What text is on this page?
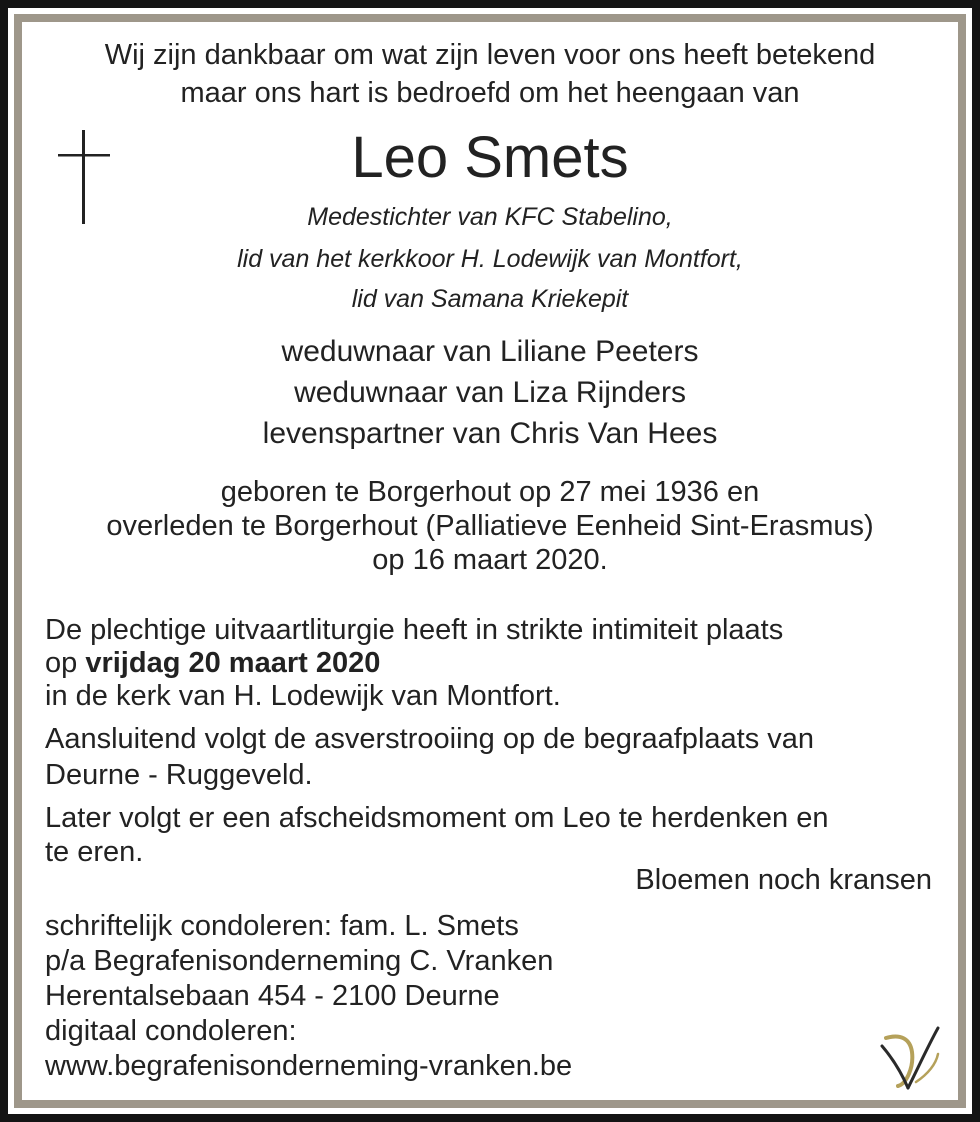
Wij zijn dankbaar om wat zijn leven voor ons heeft betekend

maar ons hart is bedroefd om het heengaan van

Leo Smets

Medestichter van KFC Stabelino,

lid van het kerkkoor H. Lodewijk van Montfort,

lid van Samana Kriekepit

weduwnaar van Liliane Peeters

weduwnaar van Liza Rijnders

levenspartner van Chris Van Hees

geboren te Borgerhout op 27 mei 1936 en

overleden te Borgerhout (Palliatieve Eenheid Sint-Erasmus)

op 16 maart 2020.

De plechtige uitvaartliturgie heeft in strikte intimiteit plaats

op vrijdag 20 maart 2020

in de kerk van H. Lodewijk van Montfort.

Aansluitend volgt de asverstrooiing op de begraafplaats van

Deurne - Ruggeveld.

Later volgt er een afscheidsmoment om Leo te herdenken en

te eren.

Bloemen noch kransen

schriftelijk condoleren: fam. L. Smets

p/a Begrafenisonderneming C. Vranken

Herentalsebaan 454 - 2100 Deurne

digitaal condoleren:

www.begrafenisonderneming-vranken.be
